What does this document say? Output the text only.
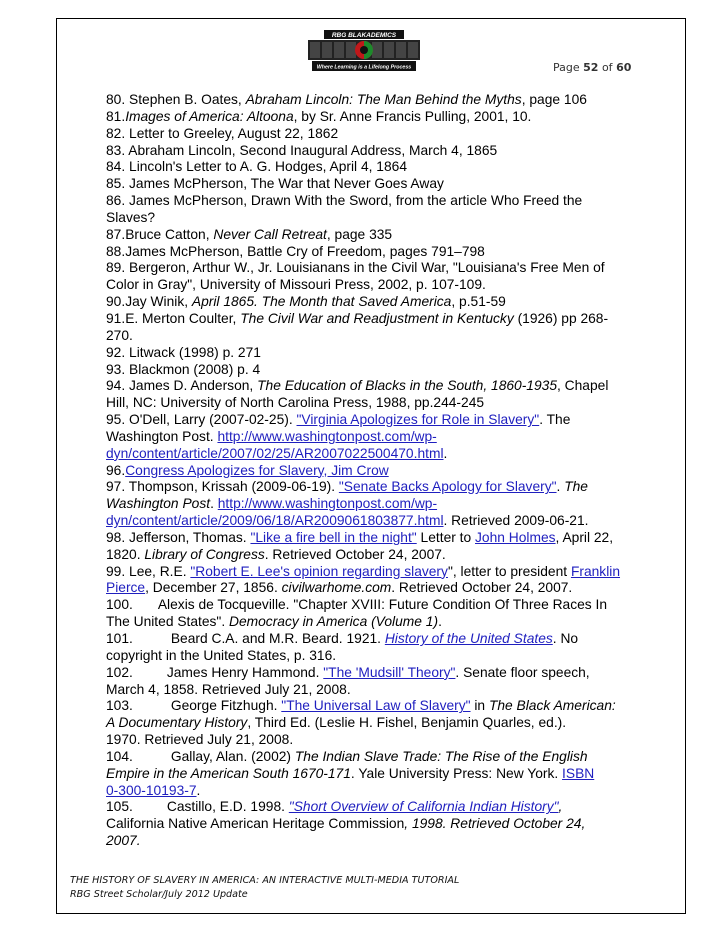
RBG BLAKADEMICS
Where Learning is a Lifelong Process	Page 52 of 60
80. Stephen B. Oates, Abraham Lincoln: The Man Behind the Myths, page 106
81.Images of America: Altoona, by Sr. Anne Francis Pulling, 2001, 10.
82. Letter to Greeley, August 22, 1862
83. Abraham Lincoln, Second Inaugural Address, March 4, 1865
84. Lincoln's Letter to A. G. Hodges, April 4, 1864
85. James McPherson, The War that Never Goes Away
86. James McPherson, Drawn With the Sword, from the article Who Freed the
Slaves?
87.Bruce Catton, Never Call Retreat, page 335
88.James McPherson, Battle Cry of Freedom, pages 791–798
89. Bergeron, Arthur W., Jr. Louisianans in the Civil War, "Louisiana's Free Men of
Color in Gray", University of Missouri Press, 2002, p. 107-109.
90.Jay Winik, April 1865. The Month that Saved America, p.51-59
91.E. Merton Coulter, The Civil War and Readjustment in Kentucky (1926) pp 268-
270.
92. Litwack (1998) p. 271
93. Blackmon (2008) p. 4
94. James D. Anderson, The Education of Blacks in the South, 1860-1935, Chapel
Hill, NC: University of North Carolina Press, 1988, pp.244-245
95. O'Dell, Larry (2007-02-25). "Virginia Apologizes for Role in Slavery". The
Washington Post. http://www.washingtonpost.com/wp-
dyn/content/article/2007/02/25/AR2007022500470.html.
96.Congress Apologizes for Slavery, Jim Crow
97. Thompson, Krissah (2009-06-19). "Senate Backs Apology for Slavery". The
Washington Post. http://www.washingtonpost.com/wp-
dyn/content/article/2009/06/18/AR2009061803877.html. Retrieved 2009-06-21.
98. Jefferson, Thomas. "Like a fire bell in the night" Letter to John Holmes, April 22,
1820. Library of Congress. Retrieved October 24, 2007.
99. Lee, R.E. "Robert E. Lee's opinion regarding slavery", letter to president Franklin
Pierce, December 27, 1856. civilwarhome.com. Retrieved October 24, 2007.
100. Alexis de Tocqueville. "Chapter XVIII: Future Condition Of Three Races In
The United States". Democracy in America (Volume 1).
101.	Beard C.A. and M.R. Beard. 1921. History of the United States. No
copyright in the United States, p. 316.
102. James Henry Hammond. "The 'Mudsill' Theory". Senate floor speech,
March 4, 1858. Retrieved July 21, 2008.
103.	George Fitzhugh. "The Universal Law of Slavery" in The Black American:
A Documentary History, Third Ed. (Leslie H. Fishel, Benjamin Quarles, ed.).
1970. Retrieved July 21, 2008.
104.	Gallay, Alan. (2002) The Indian Slave Trade: The Rise of the English
Empire in the American South 1670-171. Yale University Press: New York. ISBN
0-300-10193-7.
105. Castillo, E.D. 1998. "Short Overview of California Indian History",
California Native American Heritage Commission, 1998. Retrieved October 24,
2007.
THE HISTORY OF SLAVERY IN AMERICA: AN INTERACTIVE MULTI-MEDIA TUTORIAL
RBG Street Scholar/July 2012 Update
